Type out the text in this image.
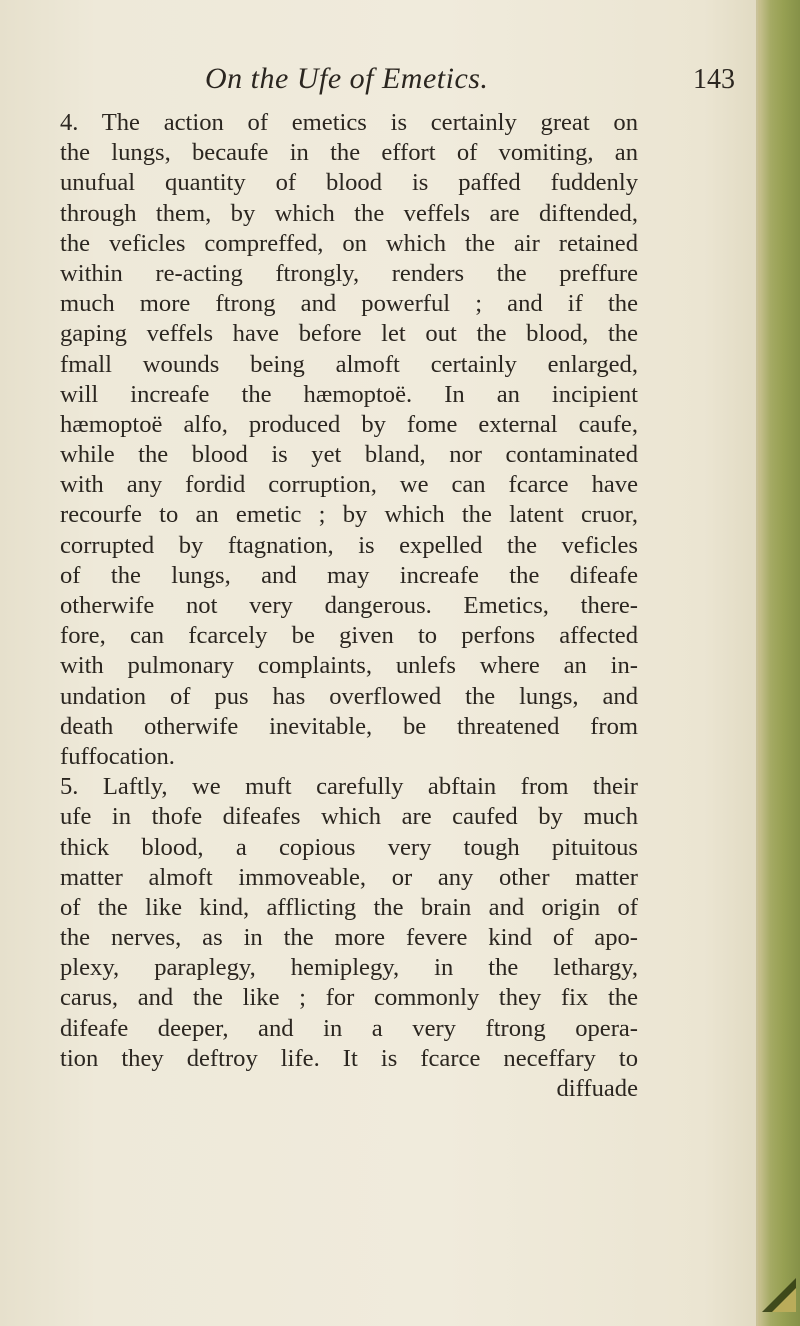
On the Ufe of Emetics.	143
4. The action of emetics is certainly great on
the lungs, becaufe in the effort of vomiting, an
unufual quantity of blood is paffed fuddenly
through them, by which the veffels are diftended,
the veficles compreffed, on which the air retained
within re-acting ftrongly, renders the preffure
much more ftrong and powerful ; and if the
gaping veffels have before let out the blood, the
fmall wounds being almoft certainly enlarged,
will increafe the hæmoptoë. In an incipient
hæmoptoë alfo, produced by fome external caufe,
while the blood is yet bland, nor contaminated
with any fordid corruption, we can fcarce have
recourfe to an emetic ; by which the latent cruor,
corrupted by ftagnation, is expelled the veficles
of the lungs, and may increafe the difeafe
otherwife not very dangerous. Emetics, there-
fore, can fcarcely be given to perfons affected
with pulmonary complaints, unlefs where an in-
undation of pus has overflowed the lungs, and
death otherwife inevitable, be threatened from
fuffocation.
5. Laftly, we muft carefully abftain from their
ufe in thofe difeafes which are caufed by much
thick blood, a copious very tough pituitous
matter almoft immoveable, or any other matter
of the like kind, afflicting the brain and origin of
the nerves, as in the more fevere kind of apo-
plexy, paraplegy, hemiplegy, in the lethargy,
carus, and the like ; for commonly they fix the
difeafe deeper, and in a very ftrong opera-
tion they deftroy life. It is fcarce neceffary to
diffuade
